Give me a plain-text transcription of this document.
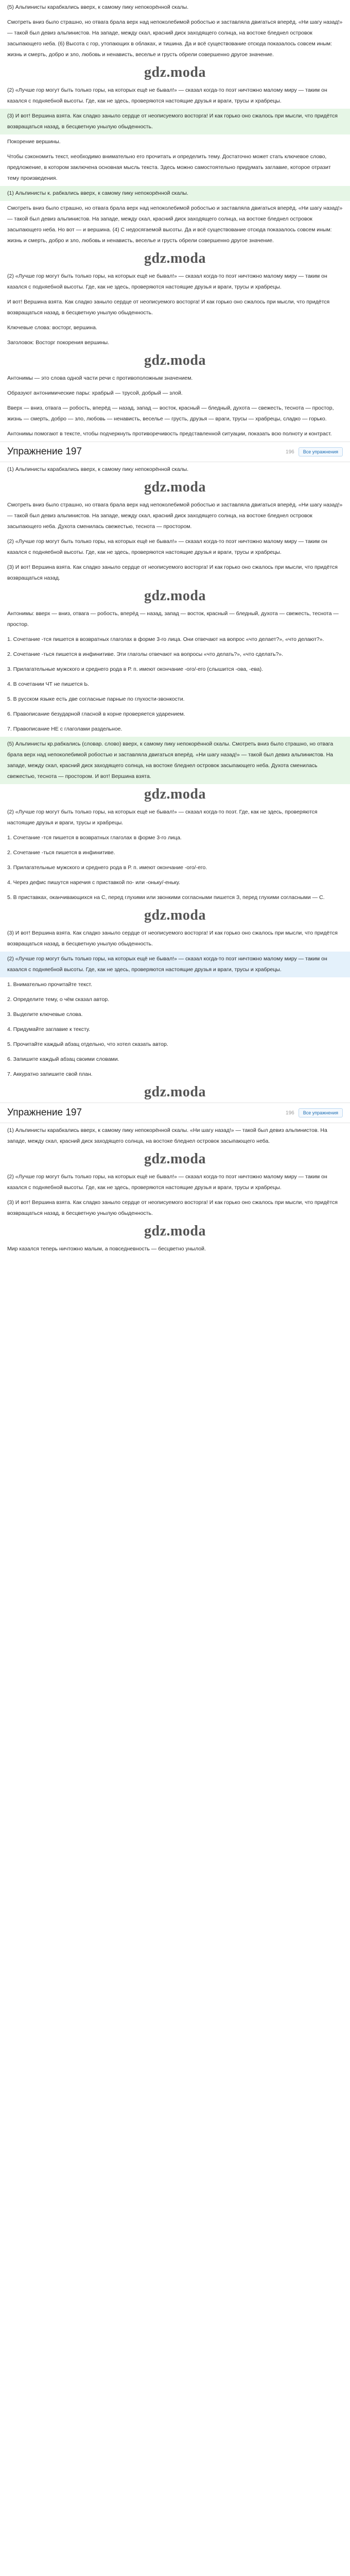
(5) Альпинисты карабкались вверх, к самому пику непокорённой скалы.

Смотреть вниз было страшно, но отвага брала верх над непоколебимой робостью и заставляла двигаться вперёд. «Ни шагу назад!» — такой был девиз альпинистов. На западе, между скал, красний диск заходящего солнца, на востоке бледнел островок засыпающего неба. (6) Высота с гор, утопающих в облаках, и тишина. Да и всё существование отсюда показалось совсем иным: жизнь и смерть, добро и зло, любовь и ненависть, веселье и грусть обрели совершенно другое значение.

gdz.moda

(2) «Лучше гор могут быть только горы, на которых ещё не бывал!» — сказал когда-то поэт ничтожно малому миру — таким он казался с подняебной высоты. Где, как не здесь, проверяются настоящие друзья и враги, трусы и храбрецы.

(3) И вот! Вершина взята. Как сладко заныло сердце от неописуемого восторга! И как горько оно сжалось при мысли, что придётся возвращаться назад, в бесцветную унылую обыденность.

Покорение вершины.

Чтобы сэкономить текст, необходимо внимательно его прочитать и определить тему. Достаточно может стать ключевое слово, предложение, в котором заключена основная мысль текста. Здесь можно самостоятельно придумать заглавие, которое отразит тему произведения.

(1) Альпинисты к. рабкались вверх, к самому пику непокорённой скалы.

Смотреть вниз было страшно, но отвага брала верх над непоколебимой робостью и заставляла двигаться вперёд. «Ни шагу назад!» — такой был девиз альпинистов. На западе, между скал, красний диск заходящего солнца, на востоке бледнел островок засыпающего неба. Но вот — и вершина. (4) С недосягаемой высоты. Да и всё существование отсюда показалось совсем иным: жизнь и смерть, добро и зло, любовь и ненависть, веселье и грусть обрели совершенно другое значение.

gdz.moda

(2) «Лучше гор могут быть только горы, на которых ещё не бывал!» — сказал когда-то поэт ничтожно малому миру — таким он казался с подняебной высоты. Где, как не здесь, проверяются настоящие друзья и враги, трусы и храбрецы.

И вот! Вершина взята. Как сладко заныло сердце от неописуемого восторга! И как горько оно сжалось при мысли, что придётся возвращаться назад, в бесцветную унылую обыденность.

Ключевые слова: восторг, вершина.

Заголовок: Восторг покорения вершины.

gdz.moda

Антонимы — это слова одной части речи с противоположным значением.

Образуют антонимические пары: храбрый — трусой, добрый — злой.

Вверх — вниз, отвага — робость, вперёд — назад, запад — восток, красный — бледный, духота — свежесть, теснота — простор, жизнь — смерть, добро — зло, любовь — ненависть, веселье — грусть, друзья — враги, трусы — храбрецы, сладко — горько.

Антонимы помогают в тексте, чтобы подчеркнуть противоречивость представленной ситуации, показать всю полноту и контраст.

Упражнение 197	196	Все упражнения

(1) Альпинисты карабкались вверх, к самому пику непокорённой скалы.

gdz.moda

Смотреть вниз было страшно, но отвага брала верх над непоколебимой робостью и заставляла двигаться вперёд. «Ни шагу назад!» — такой был девиз альпинистов. На западе, между скал, красний диск заходящего солнца, на востоке бледнел островок засыпающего неба. Духота сменилась свежестью, теснота — простором.

(2) «Лучше гор могут быть только горы, на которых ещё не бывал!» — сказал когда-то поэт ничтожно малому миру — таким он казался с подняебной высоты. Где, как не здесь, проверяются настоящие друзья и враги, трусы и храбрецы.

(3) И вот! Вершина взята. Как сладко заныло сердце от неописуемого восторга! И как горько оно сжалось при мысли, что придётся возвращаться назад.

gdz.moda

Антонимы: вверх — вниз, отвага — робость, вперёд — назад, запад — восток, красный — бледный, духота — свежесть, теснота — простор.

1. Сочетание -тся пишется в возвратных глаголах в форме 3-го лица. Они отвечают на вопрос «что делает?», «что делают?».

2. Сочетание -ться пишется в инфинитиве. Эти глаголы отвечают на вопросы «что делать?», «что сделать?».

3. Прилагательные мужского и среднего рода в Р. п. имеют окончание -ого/-его (слышится -ова, -ева).

4. В сочетании ЧТ не пишется Ь.

5. В русском языке есть две согласные парные по глухости-звонкости.

6. Правописание безударной гласной в корне проверяется ударением.

7. Правописание НЕ с глаголами раздельное.

(5) Альпинисты кр.рабкались (словар. слово) вверх, к самому пику непокорённой скалы. Смотреть вниз было страшно, но отвага брала верх над непоколебимой робостью и заставляла двигаться вперёд. «Ни шагу назад!» — такой был девиз альпинистов. На западе, между скал, красний диск заходящего солнца, на востоке бледнел островок засыпающего неба. Духота сменилась свежестью, теснота — простором. И вот! Вершина взята.

gdz.moda

(2) «Лучше гор могут быть только горы, на которых ещё не бывал!» — сказал когда-то поэт. Где, как не здесь, проверяются настоящие друзья и враги, трусы и храбрецы.

1. Сочетание -тся пишется в возвратных глаголах в форме 3-го лица.

2. Сочетание -ться пишется в инфинитиве.

3. Прилагательные мужского и среднего рода в Р. п. имеют окончание -ого/-его.

4. Через дефис пишутся наречия с приставкой по- или -оньку/-еньку.

5. В приставках, оканчивающихся на С, перед глухими или звонкими согласными пишется З, перед глухими согласными — С.

gdz.moda

(3) И вот! Вершина взята. Как сладко заныло сердце от неописуемого восторга! И как горько оно сжалось при мысли, что придётся возвращаться назад, в бесцветную унылую обыденность.

(2) «Лучше гор могут быть только горы, на которых ещё не бывал!» — сказал когда-то поэт ничтожно малому миру — таким он казался с подняебной высоты. Где, как не здесь, проверяются настоящие друзья и враги, трусы и храбрецы.

1. Внимательно прочитайте текст.

2. Определите тему, о чём сказал автор.

3. Выделите ключевые слова.

4. Придумайте заглавие к тексту.

5. Прочитайте каждый абзац отдельно, что хотел сказать автор.

6. Запишите каждый абзац своими словами.

7. Аккуратно запишите свой план.

gdz.moda
Упражнение 197	196	Все упражнения

(1) Альпинисты карабкались вверх, к самому пику непокорённой скалы. «Ни шагу назад!» — такой был девиз альпинистов. На западе, между скал, красний диск заходящего солнца, на востоке бледнел островок засыпающего неба.

gdz.moda

(2) «Лучше гор могут быть только горы, на которых ещё не бывал!» — сказал когда-то поэт ничтожно малому миру — таким он казался с подняебной высоты. Где, как не здесь, проверяются настоящие друзья и враги, трусы и храбрецы.

(3) И вот! Вершина взята. Как сладко заныло сердце от неописуемого восторга! И как горько оно сжалось при мысли, что придётся возвращаться назад, в бесцветную унылую обыденность.

gdz.moda

Мир казался теперь ничтожно малым, а повседневность — бесцветно унылой.
